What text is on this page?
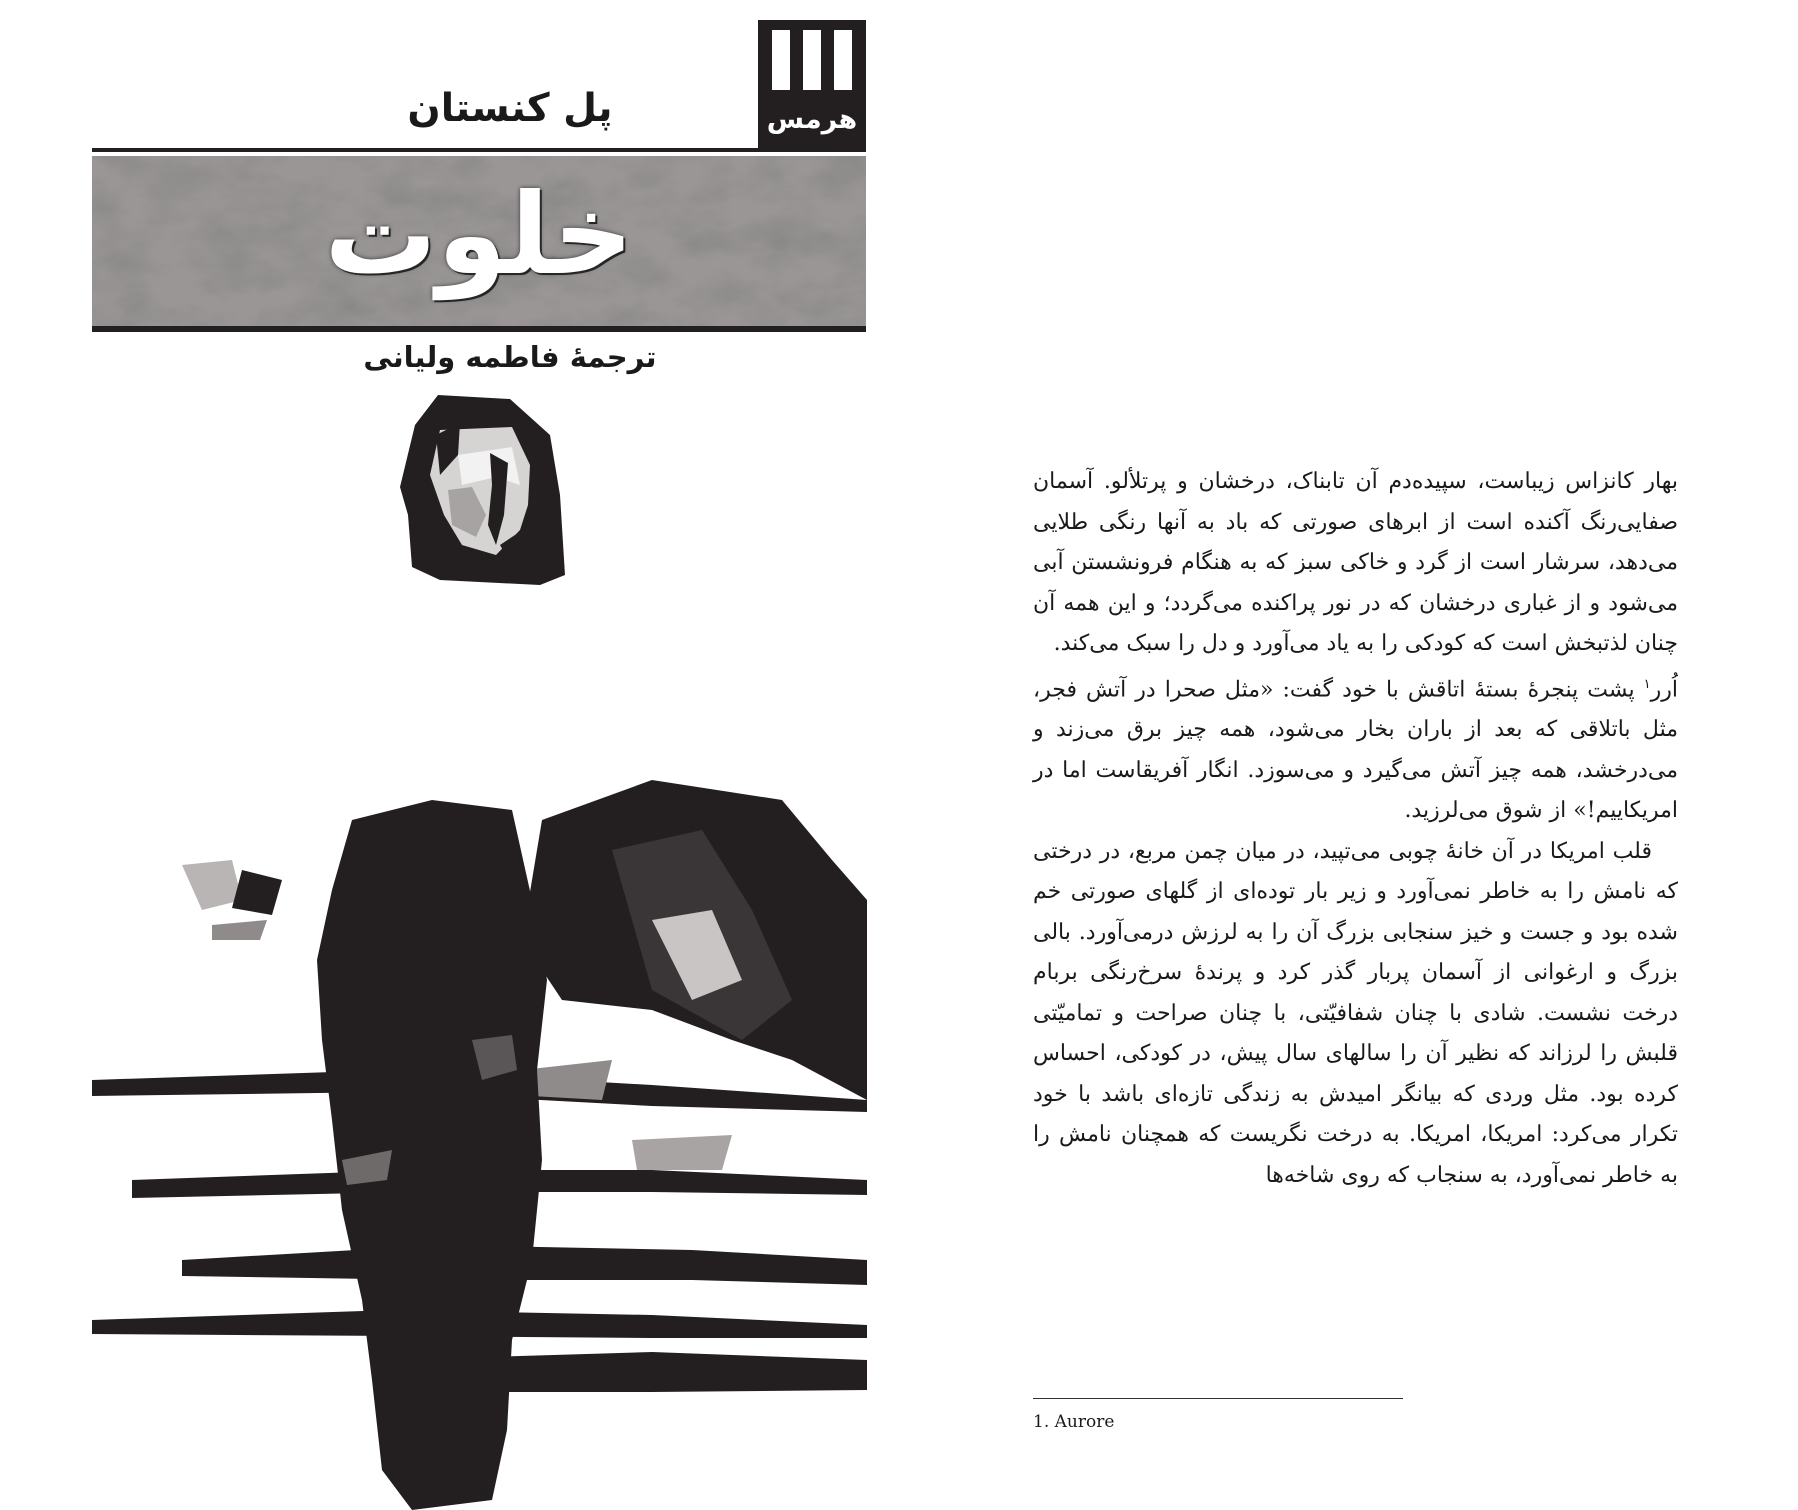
هرمس
پل کنستان
خلوت
ترجمهٔ فاطمه ولیانی

بهار کانزاس زیباست، سپیده‌دم آن تابناک، درخشان و پرتلألو. آسمان صفایی‌رنگ آکنده است از ابرهای صورتی که باد به آنها رنگی طلایی می‌دهد، سرشار است از گرد و خاکی سبز که به هنگام فرونشستن آبی می‌شود و از غباری درخشان که در نور پراکنده می‌گردد؛ و این همه آن چنان لذتبخش است که کودکی را به یاد می‌آورد و دل را سبک می‌کند.

اُرر$^۱$ پشت پنجرهٔ بستهٔ اتاقش با خود گفت: «مثل صحرا در آتش فجر، مثل باتلاقی که بعد از باران بخار می‌شود، همه چیز برق می‌زند و می‌درخشد، همه چیز آتش می‌گیرد و می‌سوزد. انگار آفریقاست اما در امریکاییم!» از شوق می‌لرزید.

قلب امریکا در آن خانهٔ چوبی می‌تپید، در میان چمن مربع، در درختی که نامش را به خاطر نمی‌آورد و زیر بار توده‌ای از گلهای صورتی خم شده بود و جست و خیز سنجابی بزرگ آن را به لرزش درمی‌آورد. بالی بزرگ و ارغوانی از آسمان پربار گذر کرد و پرندهٔ سرخ‌رنگی بربام درخت نشست. شادی با چنان شفافیّتی، با چنان صراحت و تمامیّتی قلبش را لرزاند که نظیر آن را سالهای سال پیش، در کودکی، احساس کرده بود. مثل وردی که بیانگر امیدش به زندگی تازه‌ای باشد با خود تکرار می‌کرد: امریکا، امریکا. به درخت نگریست که همچنان نامش را به خاطر نمی‌آورد، به سنجاب که روی شاخه‌ها

1. Aurore
